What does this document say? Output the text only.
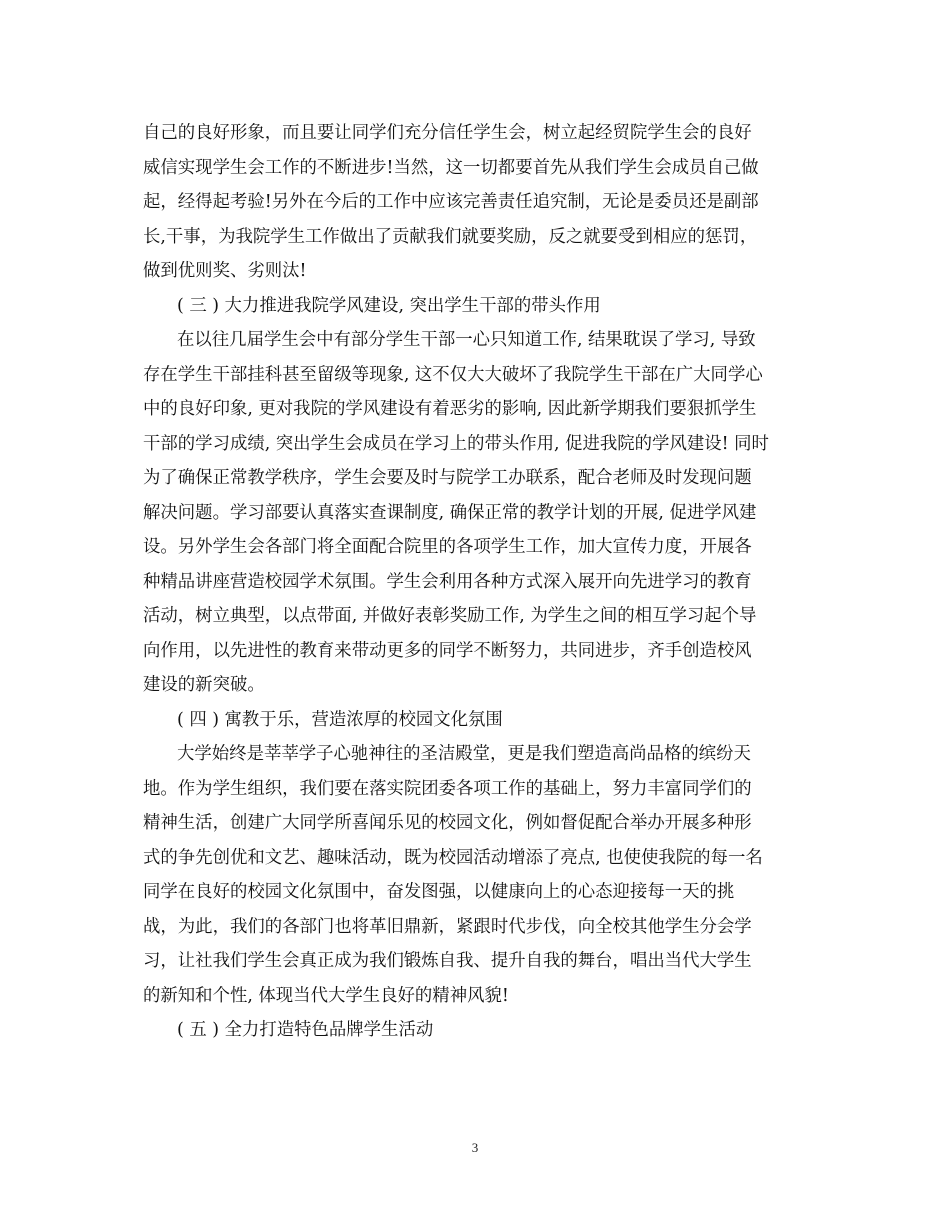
自己的良好形象，而且要让同学们充分信任学生会，树立起经贸院学生会的良好
威信实现学生会工作的不断进步!当然，这一切都要首先从我们学生会成员自己做
起，经得起考验!另外在今后的工作中应该完善责任追究制，无论是委员还是副部
长,干事，为我院学生工作做出了贡献我们就要奖励，反之就要受到相应的惩罚，
做到优则奖、劣则汰!
( 三 ) 大力推进我院学风建设, 突出学生干部的带头作用
在以往几届学生会中有部分学生干部一心只知道工作, 结果耽误了学习, 导致
存在学生干部挂科甚至留级等现象, 这不仅大大破坏了我院学生干部在广大同学心
中的良好印象, 更对我院的学风建设有着恶劣的影响, 因此新学期我们要狠抓学生
干部的学习成绩, 突出学生会成员在学习上的带头作用, 促进我院的学风建设! 同时
为了确保正常教学秩序，学生会要及时与院学工办联系，配合老师及时发现问题
解决问题。学习部要认真落实查课制度, 确保正常的教学计划的开展, 促进学风建
设。另外学生会各部门将全面配合院里的各项学生工作，加大宣传力度，开展各
种精品讲座营造校园学术氛围。学生会利用各种方式深入展开向先进学习的教育
活动，树立典型，以点带面, 并做好表彰奖励工作, 为学生之间的相互学习起个导
向作用，以先进性的教育来带动更多的同学不断努力，共同进步，齐手创造校风
建设的新突破。
( 四 ) 寓教于乐，营造浓厚的校园文化氛围
大学始终是莘莘学子心驰神往的圣洁殿堂，更是我们塑造高尚品格的缤纷天
地。作为学生组织，我们要在落实院团委各项工作的基础上，努力丰富同学们的
精神生活，创建广大同学所喜闻乐见的校园文化，例如督促配合举办开展多种形
式的争先创优和文艺、趣味活动，既为校园活动增添了亮点, 也使使我院的每一名
同学在良好的校园文化氛围中，奋发图强，以健康向上的心态迎接每一天的挑
战，为此，我们的各部门也将革旧鼎新，紧跟时代步伐，向全校其他学生分会学
习，让社我们学生会真正成为我们锻炼自我、提升自我的舞台，唱出当代大学生
的新知和个性, 体现当代大学生良好的精神风貌!
( 五 ) 全力打造特色品牌学生活动
3
